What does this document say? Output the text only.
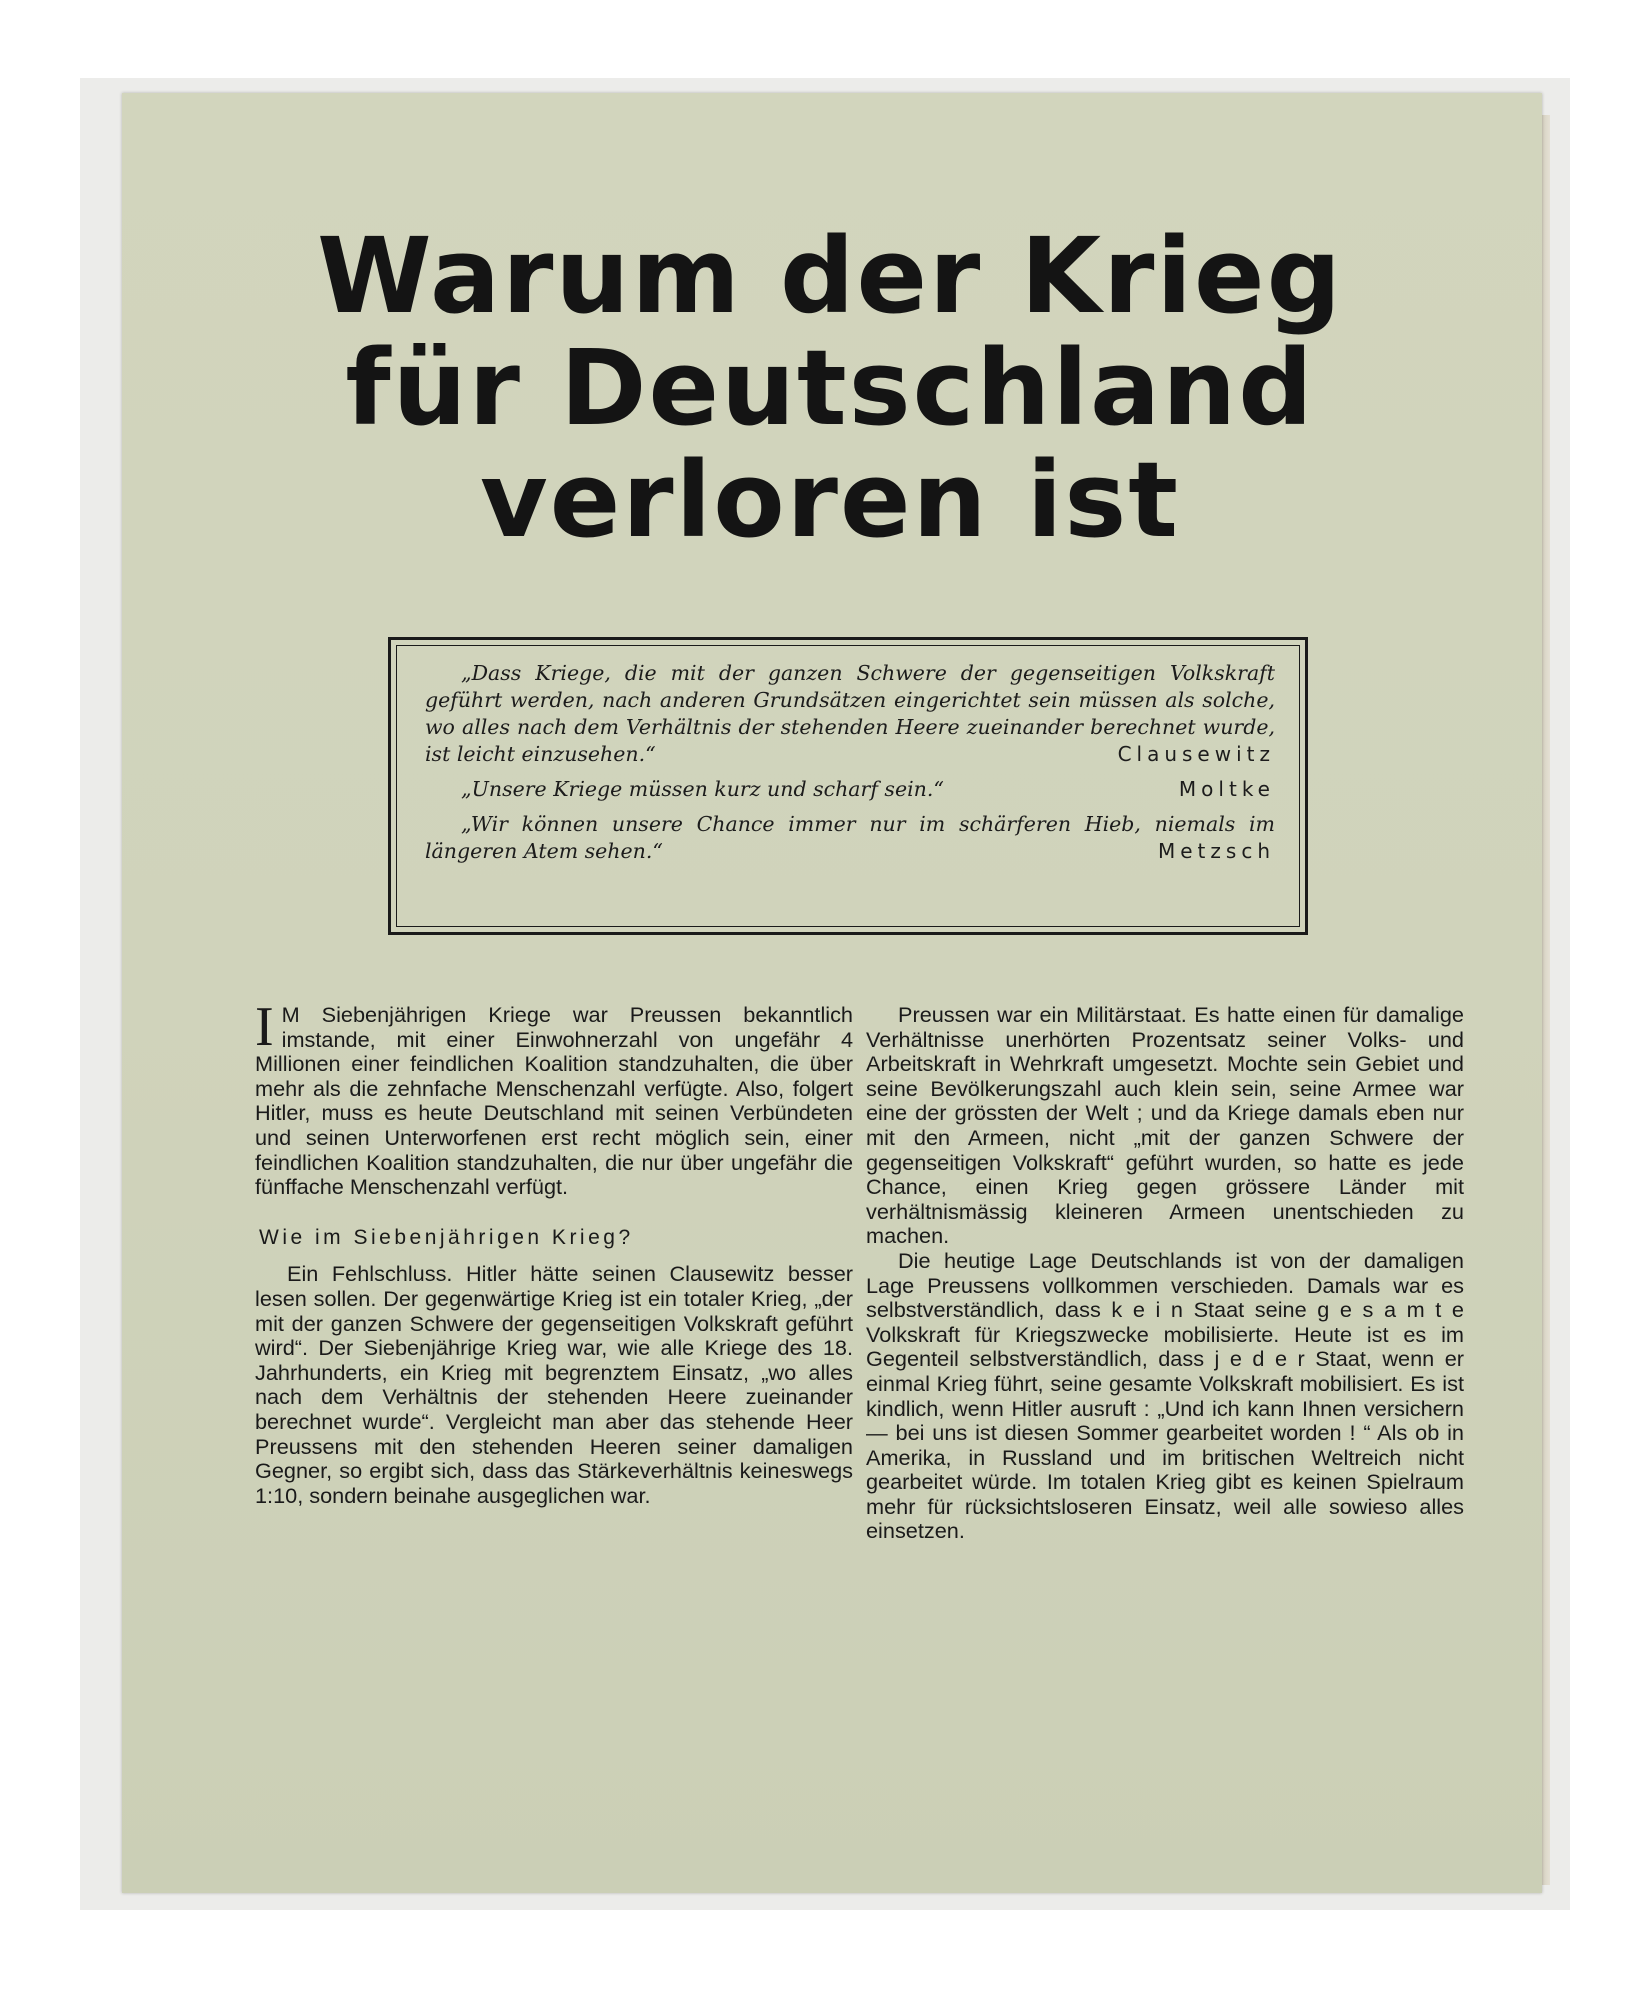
Warum der Krieg
für Deutschland
verloren ist

„Dass Kriege, die mit der ganzen Schwere der gegenseitigen Volkskraft geführt werden, nach anderen Grundsätzen eingerichtet sein müssen als solche, wo alles nach dem Verhältnis der stehenden Heere zueinander berechnet wurde, ist leicht einzusehen.“	Clausewitz

„Unsere Kriege müssen kurz und scharf sein.“	Moltke

„Wir können unsere Chance immer nur im schärferen Hieb, niemals im längeren Atem sehen.“	Metzsch

I M Siebenjährigen Kriege war Preussen bekanntlich imstande, mit einer Einwohnerzahl von ungefähr 4 Millionen einer feindlichen Koalition standzuhalten, die über mehr als die zehnfache Menschenzahl verfügte. Also, folgert Hitler, muss es heute Deutschland mit seinen Verbündeten und seinen Unterworfenen erst recht möglich sein, einer feindlichen Koalition standzuhalten, die nur über ungefähr die fünffache Menschenzahl verfügt.

Wie im Siebenjährigen Krieg?

Ein Fehlschluss. Hitler hätte seinen Clausewitz besser lesen sollen. Der gegenwärtige Krieg ist ein totaler Krieg, „der mit der ganzen Schwere der gegenseitigen Volkskraft geführt wird“. Der Siebenjährige Krieg war, wie alle Kriege des 18. Jahrhunderts, ein Krieg mit begrenztem Einsatz, „wo alles nach dem Verhältnis der stehenden Heere zueinander berechnet wurde“. Vergleicht man aber das stehende Heer Preussens mit den stehenden Heeren seiner damaligen Gegner, so ergibt sich, dass das Stärkeverhältnis keineswegs 1:10, sondern beinahe ausgeglichen war.

Preussen war ein Militärstaat. Es hatte einen für damalige Verhältnisse unerhörten Prozentsatz seiner Volks- und Arbeitskraft in Wehrkraft umgesetzt. Mochte sein Gebiet und seine Bevölkerungszahl auch klein sein, seine Armee war eine der grössten der Welt ; und da Kriege damals eben nur mit den Armeen, nicht „mit der ganzen Schwere der gegenseitigen Volkskraft“ geführt wurden, so hatte es jede Chance, einen Krieg gegen grössere Länder mit verhältnismässig kleineren Armeen unentschieden zu machen.

Die heutige Lage Deutschlands ist von der damaligen Lage Preussens vollkommen verschieden. Damals war es selbstverständlich, dass k e i n Staat seine g e s a m t e Volkskraft für Kriegszwecke mobilisierte. Heute ist es im Gegenteil selbstverständlich, dass j e d e r Staat, wenn er einmal Krieg führt, seine gesamte Volkskraft mobilisiert. Es ist kindlich, wenn Hitler ausruft : „Und ich kann Ihnen versichern — bei uns ist diesen Sommer gearbeitet worden ! “ Als ob in Amerika, in Russland und im britischen Weltreich nicht gearbeitet würde. Im totalen Krieg gibt es keinen Spielraum mehr für rücksichtsloseren Einsatz, weil alle sowieso alles einsetzen.
